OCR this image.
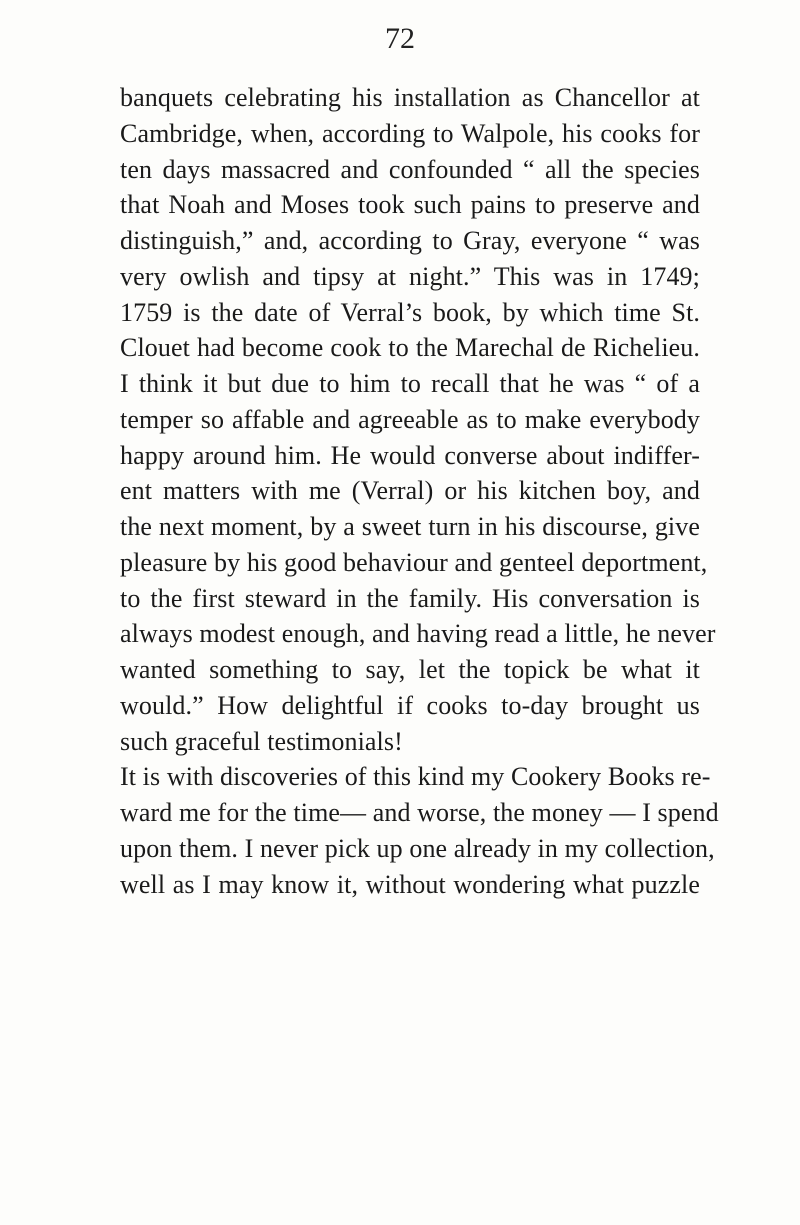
72
banquets celebrating his installation as Chancellor at
Cambridge, when, according to Walpole, his cooks for
ten days massacred and confounded “ all the species
that Noah and Moses took such pains to preserve and
distinguish,” and, according to Gray, everyone “ was
very owlish and tipsy at night.” This was in 1749;
1759 is the date of Verral’s book, by which time St.
Clouet had become cook to the Marechal de Richelieu.
I think it but due to him to recall that he was “ of a
temper so affable and agreeable as to make everybody
happy around him. He would converse about indiffer-
ent matters with me (Verral) or his kitchen boy, and
the next moment, by a sweet turn in his discourse, give
pleasure by his good behaviour and genteel deportment,
to the first steward in the family. His conversation is
always modest enough, and having read a little, he never
wanted something to say, let the topick be what it
would.” How delightful if cooks to-day brought us
such graceful testimonials!
It is with discoveries of this kind my Cookery Books re-
ward me for the time— and worse, the money — I spend
upon them. I never pick up one already in my collection,
well as I may know it, without wondering what puzzle
